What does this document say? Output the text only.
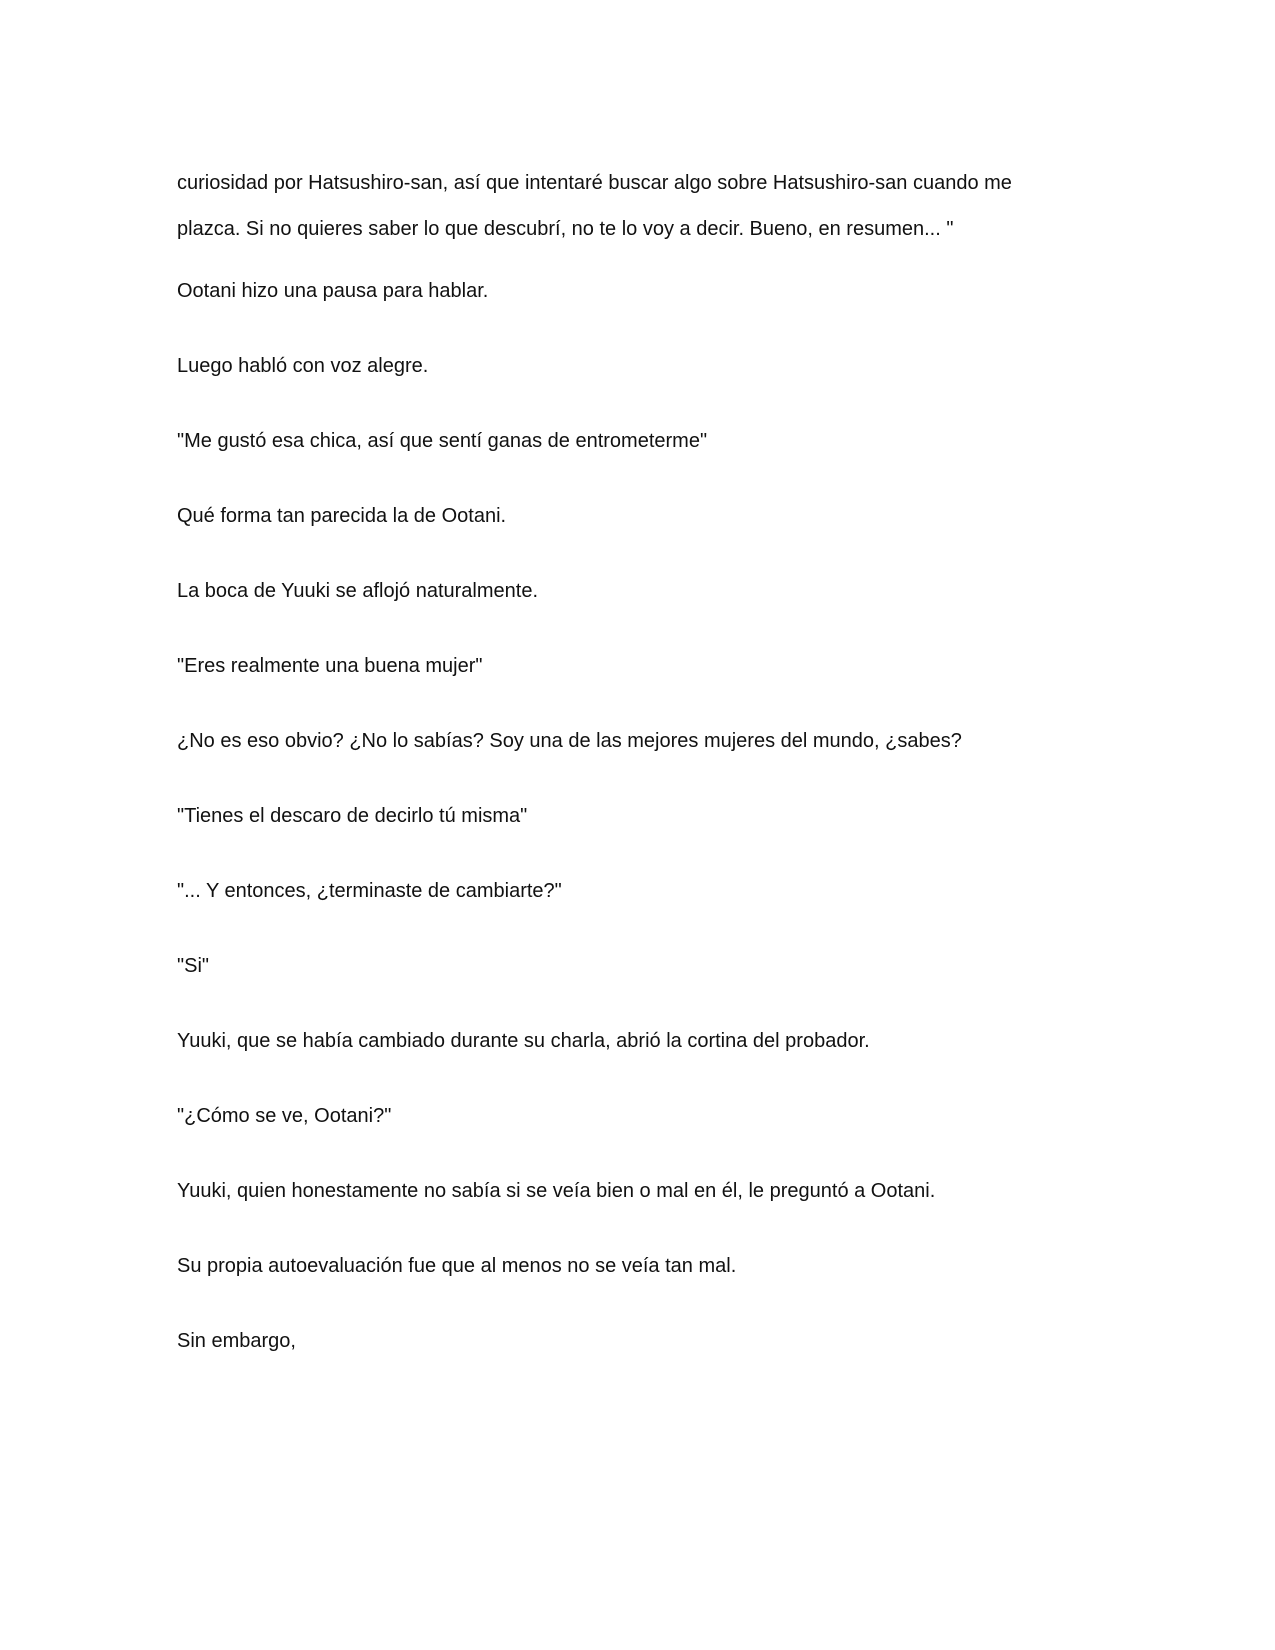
curiosidad por Hatsushiro-san, así que intentaré buscar algo sobre Hatsushiro-san cuando me plazca. Si no quieres saber lo que descubrí, no te lo voy a decir. Bueno, en resumen... "

Ootani hizo una pausa para hablar.

Luego habló con voz alegre.

"Me gustó esa chica, así que sentí ganas de entrometerme"

Qué forma tan parecida la de Ootani.

La boca de Yuuki se aflojó naturalmente.

"Eres realmente una buena mujer"

¿No es eso obvio? ¿No lo sabías? Soy una de las mejores mujeres del mundo, ¿sabes?

"Tienes el descaro de decirlo tú misma"

"... Y entonces, ¿terminaste de cambiarte?"

"Si"

Yuuki, que se había cambiado durante su charla, abrió la cortina del probador.

"¿Cómo se ve, Ootani?"

Yuuki, quien honestamente no sabía si se veía bien o mal en él, le preguntó a Ootani.

Su propia autoevaluación fue que al menos no se veía tan mal.

Sin embargo,
